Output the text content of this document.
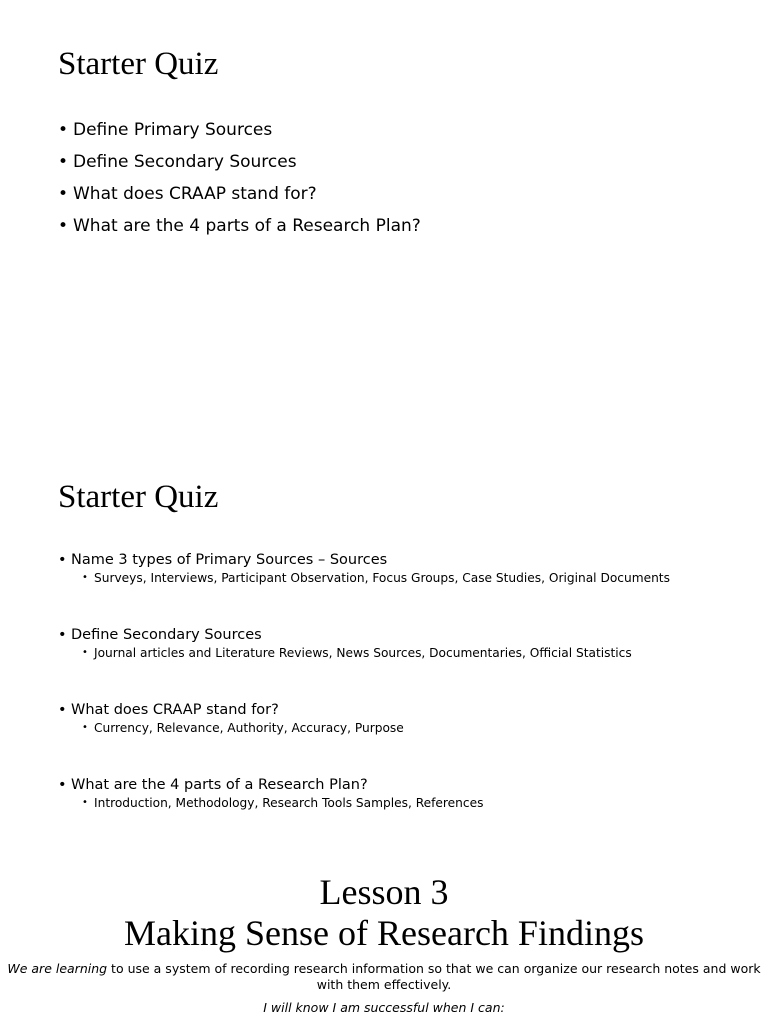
Starter Quiz
• Define Primary Sources
• Define Secondary Sources
• What does CRAAP stand for?
• What are the 4 parts of a Research Plan?
Starter Quiz
• Name 3 types of Primary Sources – Sources
• Surveys, Interviews, Participant Observation, Focus Groups, Case Studies, Original Documents
• Define Secondary Sources
• Journal articles and Literature Reviews, News Sources, Documentaries, Official Statistics
• What does CRAAP stand for?
• Currency, Relevance, Authority, Accuracy, Purpose
• What are the 4 parts of a Research Plan?
• Introduction, Methodology, Research Tools Samples, References
Lesson 3
Making Sense of Research Findings

We are learning to use a system of recording research information so that we can organize our research notes and work with them effectively.

I will know I am successful when I can:
